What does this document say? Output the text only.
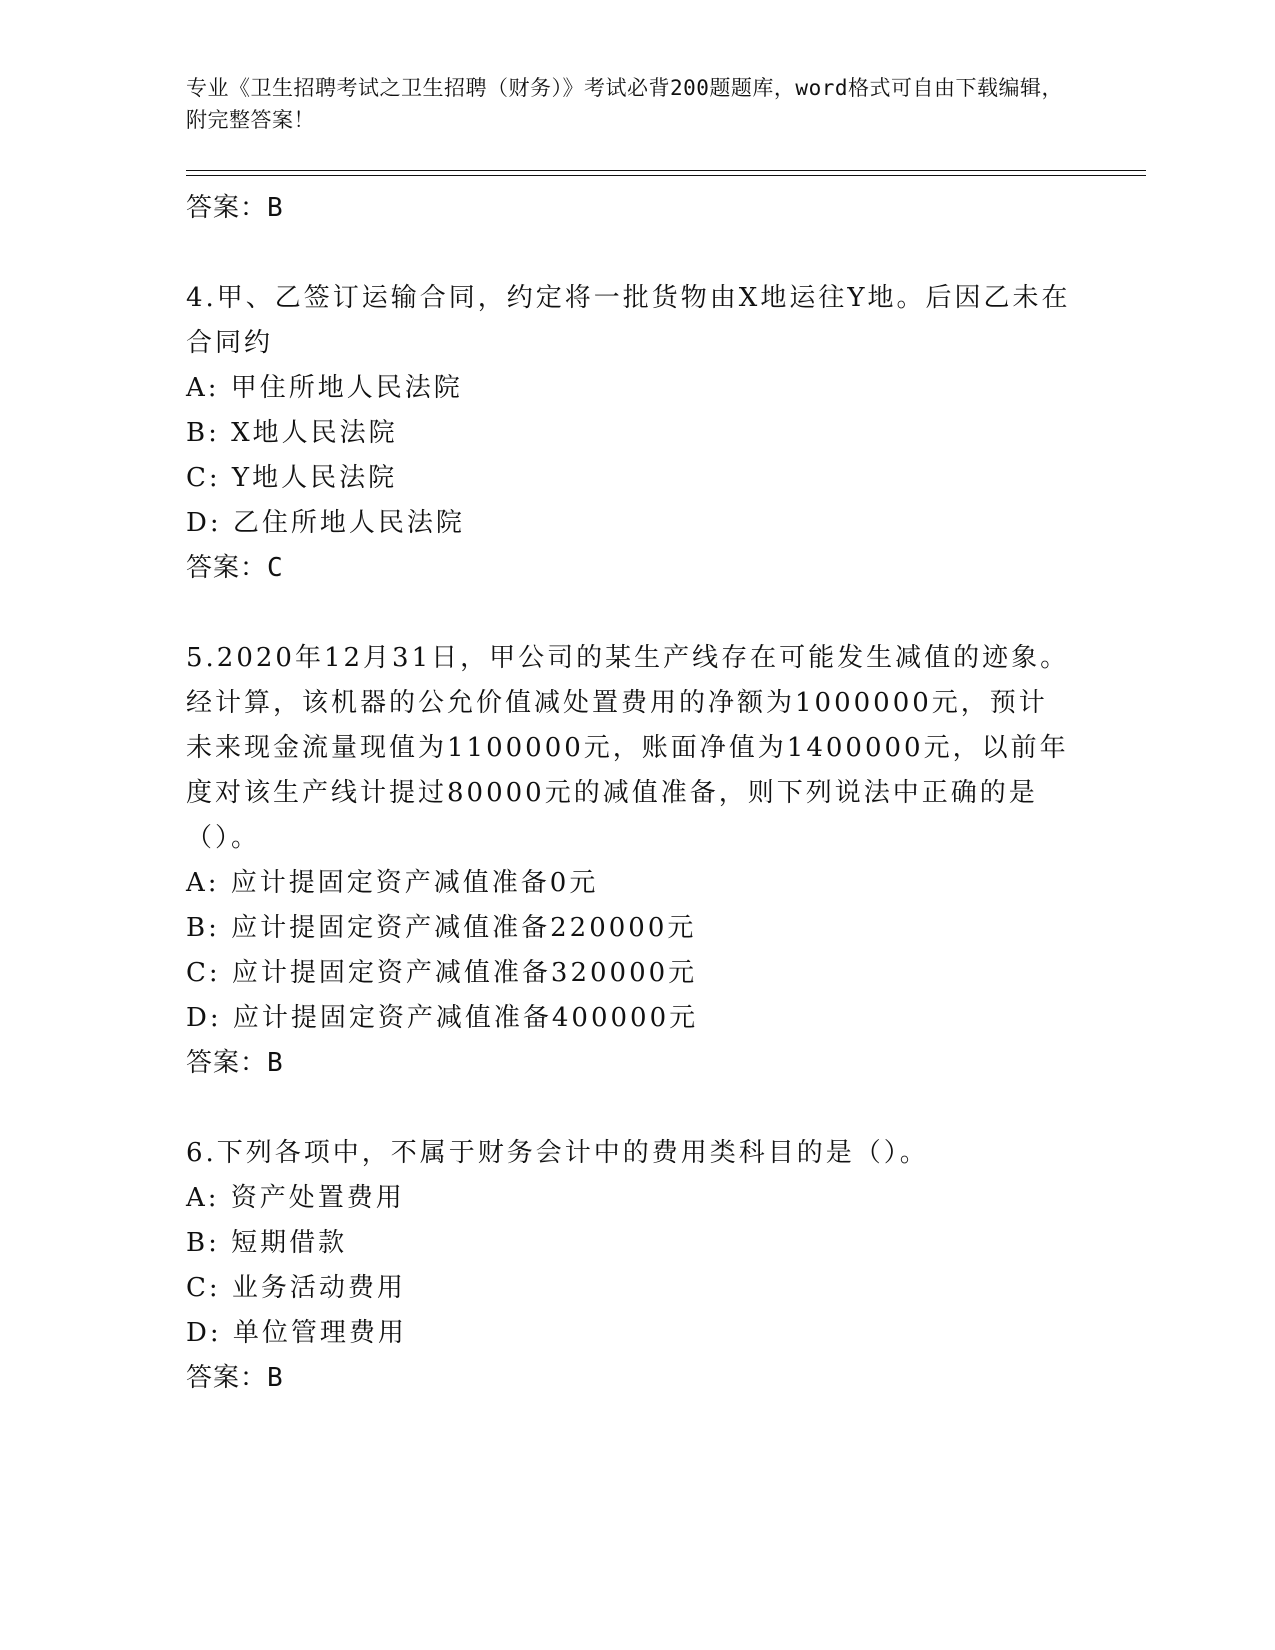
专业《卫生招聘考试之卫生招聘（财务）》考试必背200题题库，word格式可自由下载编辑，附完整答案！
答案：B
4.甲、乙签订运输合同，约定将一批货物由X地运往Y地。后因乙未在合同约
A: 甲住所地人民法院
B: X地人民法院
C: Y地人民法院
D: 乙住所地人民法院
答案：C
5.2020年12月31日，甲公司的某生产线存在可能发生减值的迹象。经计算，该机器的公允价值减处置费用的净额为1000000元，预计未来现金流量现值为1100000元，账面净值为1400000元，以前年度对该生产线计提过80000元的减值准备，则下列说法中正确的是（）。
A: 应计提固定资产减值准备0元
B: 应计提固定资产减值准备220000元
C: 应计提固定资产减值准备320000元
D: 应计提固定资产减值准备400000元
答案：B
6.下列各项中，不属于财务会计中的费用类科目的是（）。
A: 资产处置费用
B: 短期借款
C: 业务活动费用
D: 单位管理费用
答案：B
